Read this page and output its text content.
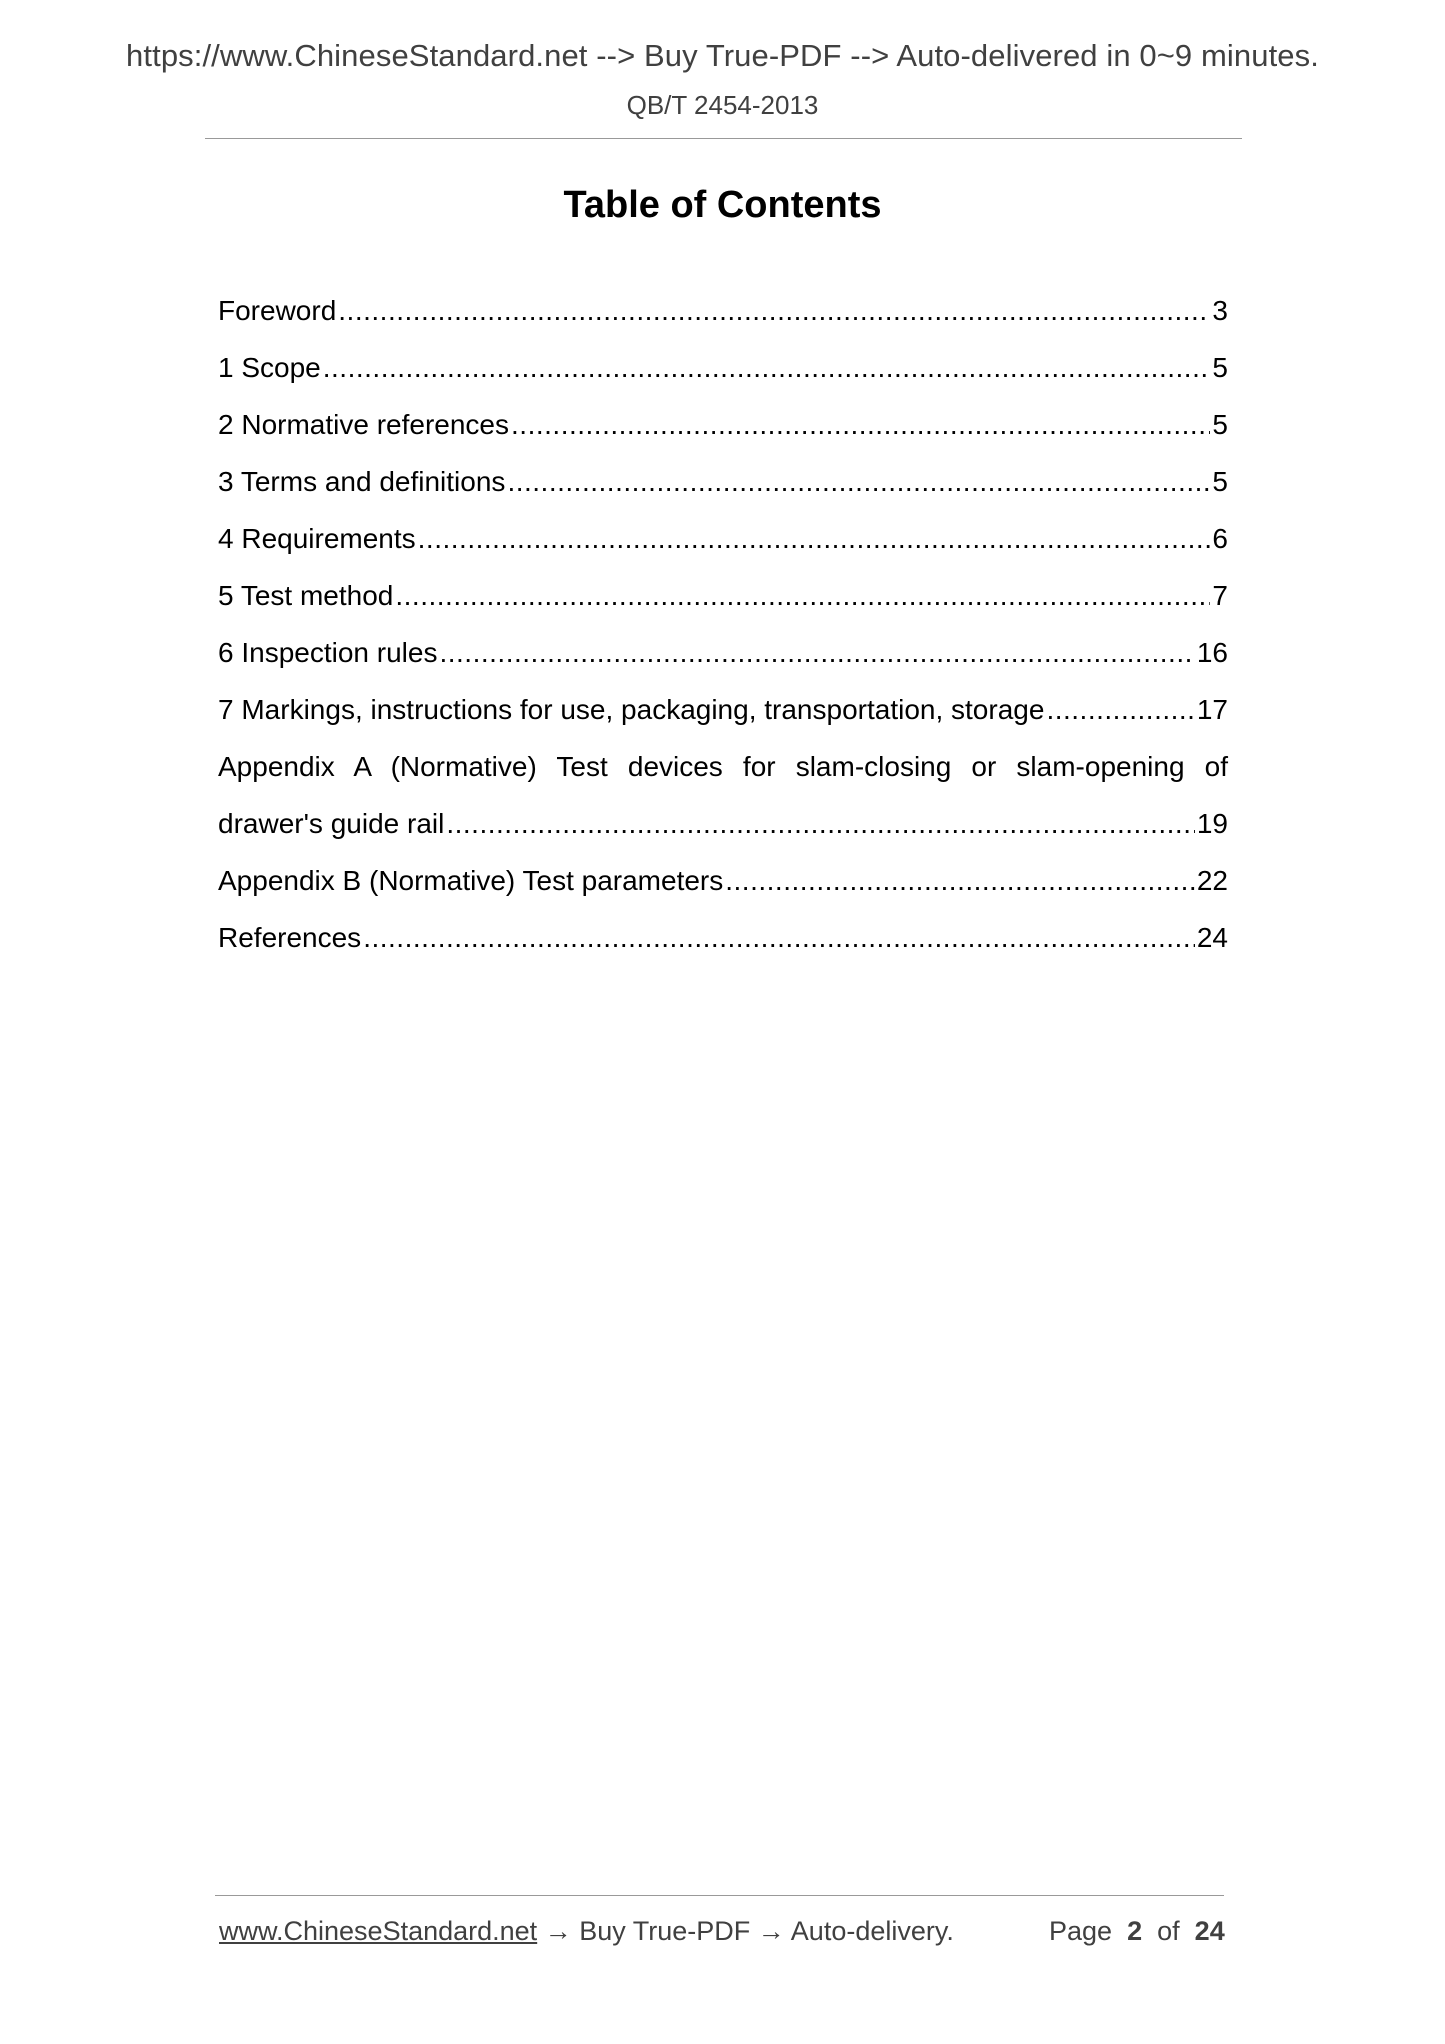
https://www.ChineseStandard.net --> Buy True-PDF --> Auto-delivered in 0~9 minutes.
QB/T 2454-2013
Table of Contents
Foreword .....	3
1 Scope .....	5
2 Normative references .....	5
3 Terms and definitions .....	5
4 Requirements .....	6
5 Test method .....	7
6 Inspection rules .....	16
7 Markings, instructions for use, packaging, transportation, storage .....	17
Appendix A (Normative) Test devices for slam-closing or slam-opening of
drawer's guide rail .....	19
Appendix B (Normative) Test parameters .....	22
References .....	24
www.ChineseStandard.net → Buy True-PDF → Auto-delivery.	Page 2 of 24
